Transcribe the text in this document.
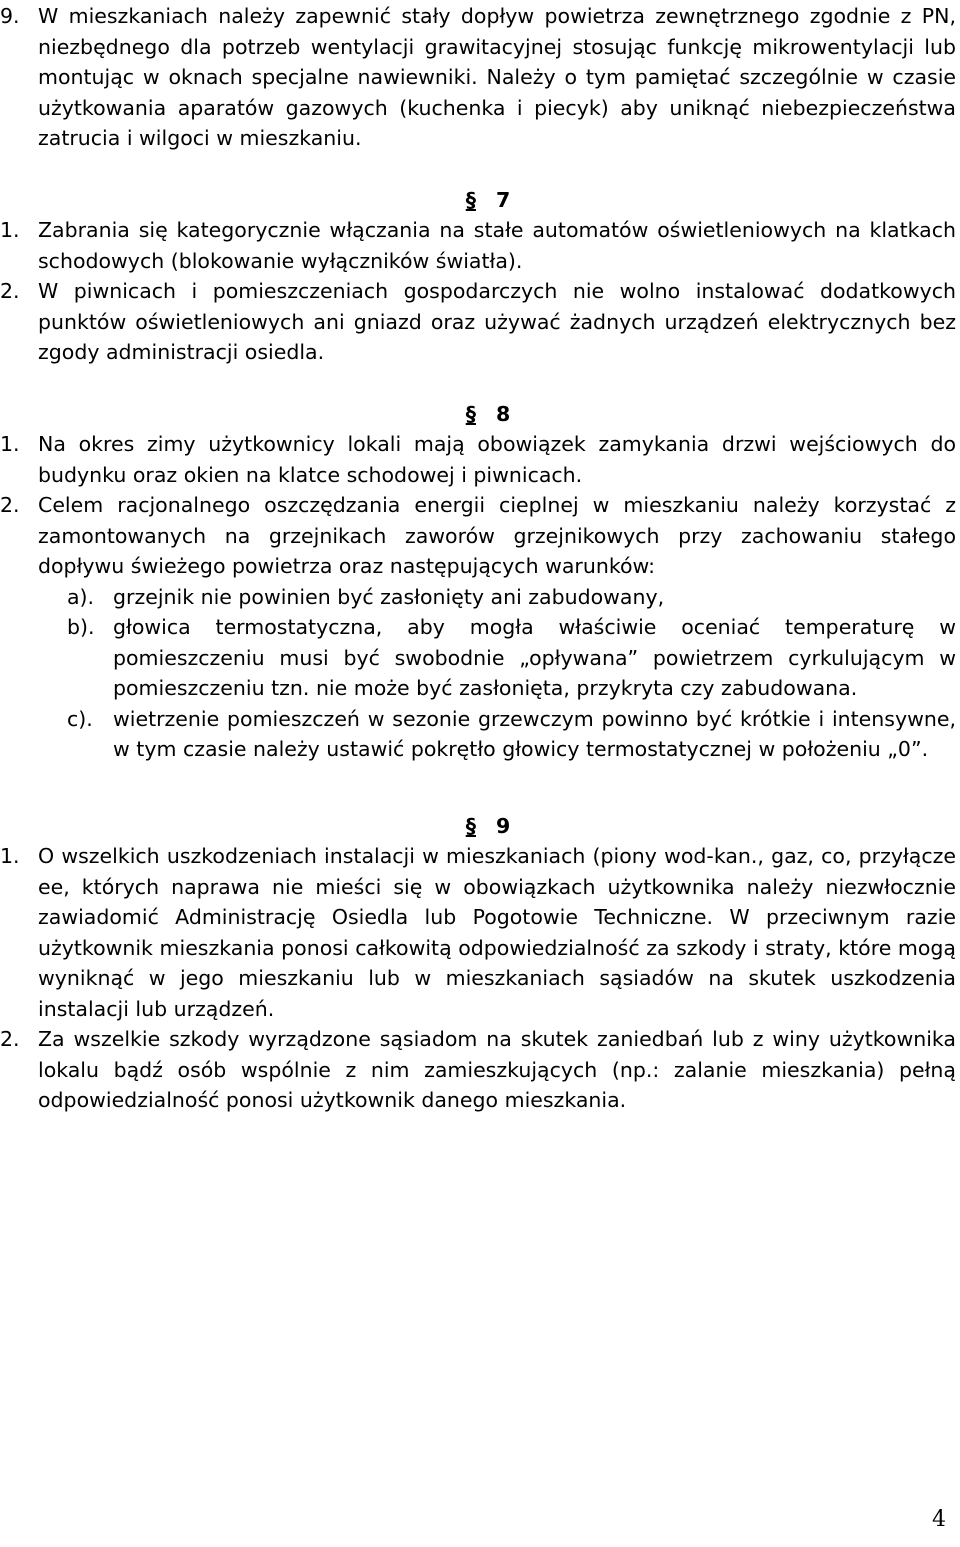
9. W mieszkaniach należy zapewnić stały dopływ powietrza zewnętrznego zgodnie z PN, niezbędnego dla potrzeb wentylacji grawitacyjnej stosując funkcję mikrowentylacji lub montując w oknach specjalne nawiewniki. Należy o tym pamiętać szczególnie w czasie użytkowania aparatów gazowych (kuchenka i piecyk) aby uniknąć niebezpieczeństwa zatrucia i wilgoci w mieszkaniu.
§ 7
1. Zabrania się kategorycznie włączania na stałe automatów oświetleniowych na klatkach schodowych (blokowanie wyłączników światła).
2. W piwnicach i pomieszczeniach gospodarczych nie wolno instalować dodatkowych punktów oświetleniowych ani gniazd oraz używać żadnych urządzeń elektrycznych bez zgody administracji osiedla.
§ 8
1. Na okres zimy użytkownicy lokali mają obowiązek zamykania drzwi wejściowych do budynku oraz okien na klatce schodowej i piwnicach.
2. Celem racjonalnego oszczędzania energii cieplnej w mieszkaniu należy korzystać z zamontowanych na grzejnikach zaworów grzejnikowych przy zachowaniu stałego dopływu świeżego powietrza oraz następujących warunków:
a). grzejnik nie powinien być zasłonięty ani zabudowany,
b). głowica termostatyczna, aby mogła właściwie oceniać temperaturę w pomieszczeniu musi być swobodnie „opływana” powietrzem cyrkulującym w pomieszczeniu tzn. nie może być zasłonięta, przykryta czy zabudowana.
c). wietrzenie pomieszczeń w sezonie grzewczym powinno być krótkie i intensywne, w tym czasie należy ustawić pokrętło głowicy termostatycznej w położeniu „0”.
§ 9
1. O wszelkich uszkodzeniach instalacji w mieszkaniach (piony wod-kan., gaz, co, przyłącze ee, których naprawa nie mieści się w obowiązkach użytkownika należy niezwłocznie zawiadomić Administrację Osiedla lub Pogotowie Techniczne. W przeciwnym razie użytkownik mieszkania ponosi całkowitą odpowiedzialność za szkody i straty, które mogą wyniknąć w jego mieszkaniu lub w mieszkaniach sąsiadów na skutek uszkodzenia instalacji lub urządzeń.
2. Za wszelkie szkody wyrządzone sąsiadom na skutek zaniedbań lub z winy użytkownika lokalu bądź osób wspólnie z nim zamieszkujących (np.: zalanie mieszkania) pełną odpowiedzialność ponosi użytkownik danego mieszkania.
4
